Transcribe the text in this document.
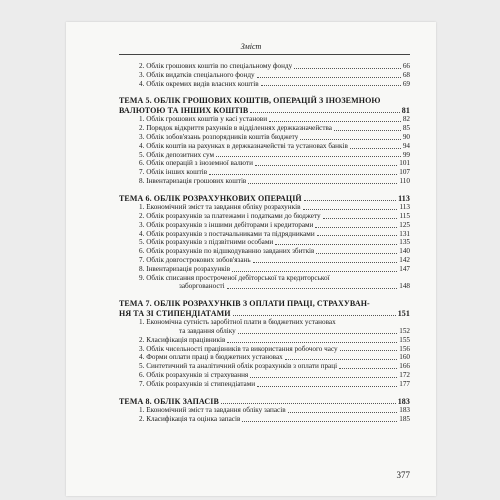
Зміст
2. Облік грошових коштів по спеціальному фонду	66
3. Облік видатків спеціального фонду	68
4. Облік окремих видів власних коштів	69
ТЕМА 5. ОБЛІК ГРОШОВИХ КОШТІВ, ОПЕРАЦІЙ З ІНОЗЕМНОЮ
ВАЛЮТОЮ ТА ІНШИХ КОШТІВ	81
1. Облік грошових коштів у касі установи	82
2. Порядок відкриття рахунків в відділеннях держказначейства	85
3. Облік зобов'язань розпорядників коштів бюджету	90
4. Облік коштів на рахунках в держказначействі та установах банків	94
5. Облік депозитних сум	99
6. Облік операцій з іноземної валюти	101
7. Облік інших коштів	107
8. Інвентаризація грошових коштів	110
ТЕМА 6. ОБЛІК РОЗРАХУНКОВИХ ОПЕРАЦІЙ	113
1. Економічний зміст та завдання обліку розрахунків	113
2. Облік розрахунків за платежами і податками до бюджету	115
3. Облік розрахунків з іншими дебіторами і кредиторами	125
4. Облік розрахунків з постачальниками та підрядниками	131
5. Облік розрахунків з підзвітними особами	135
6. Облік розрахунків по відшкодуванню завданих збитків	140
7. Облік довгострокових зобов'язань	142
8. Інвентаризація розрахунків	147
9. Облік списання простроченої дебіторської та кредиторської
заборгованості	148
ТЕМА 7. ОБЛІК РОЗРАХУНКІВ З ОПЛАТИ ПРАЦІ, СТРАХУВАН-
НЯ ТА ЗІ СТИПЕНДІАТАМИ	151
1. Економічна сутність заробітної плати в бюджетних установах
та завдання обліку	152
2. Класифікація працівників	155
3. Облік чисельності працівників та використання робочого часу	156
4. Форми оплати праці в бюджетних установах	160
5. Синтетичний та аналітичний облік розрахунків з оплати праці	166
6. Облік розрахунків зі страхування	172
7. Облік розрахунків зі стипендіатами	177
ТЕМА 8. ОБЛІК ЗАПАСІВ	183
1. Економічний зміст та завдання обліку запасів	183
2. Класифікація та оцінка запасів	185
377
